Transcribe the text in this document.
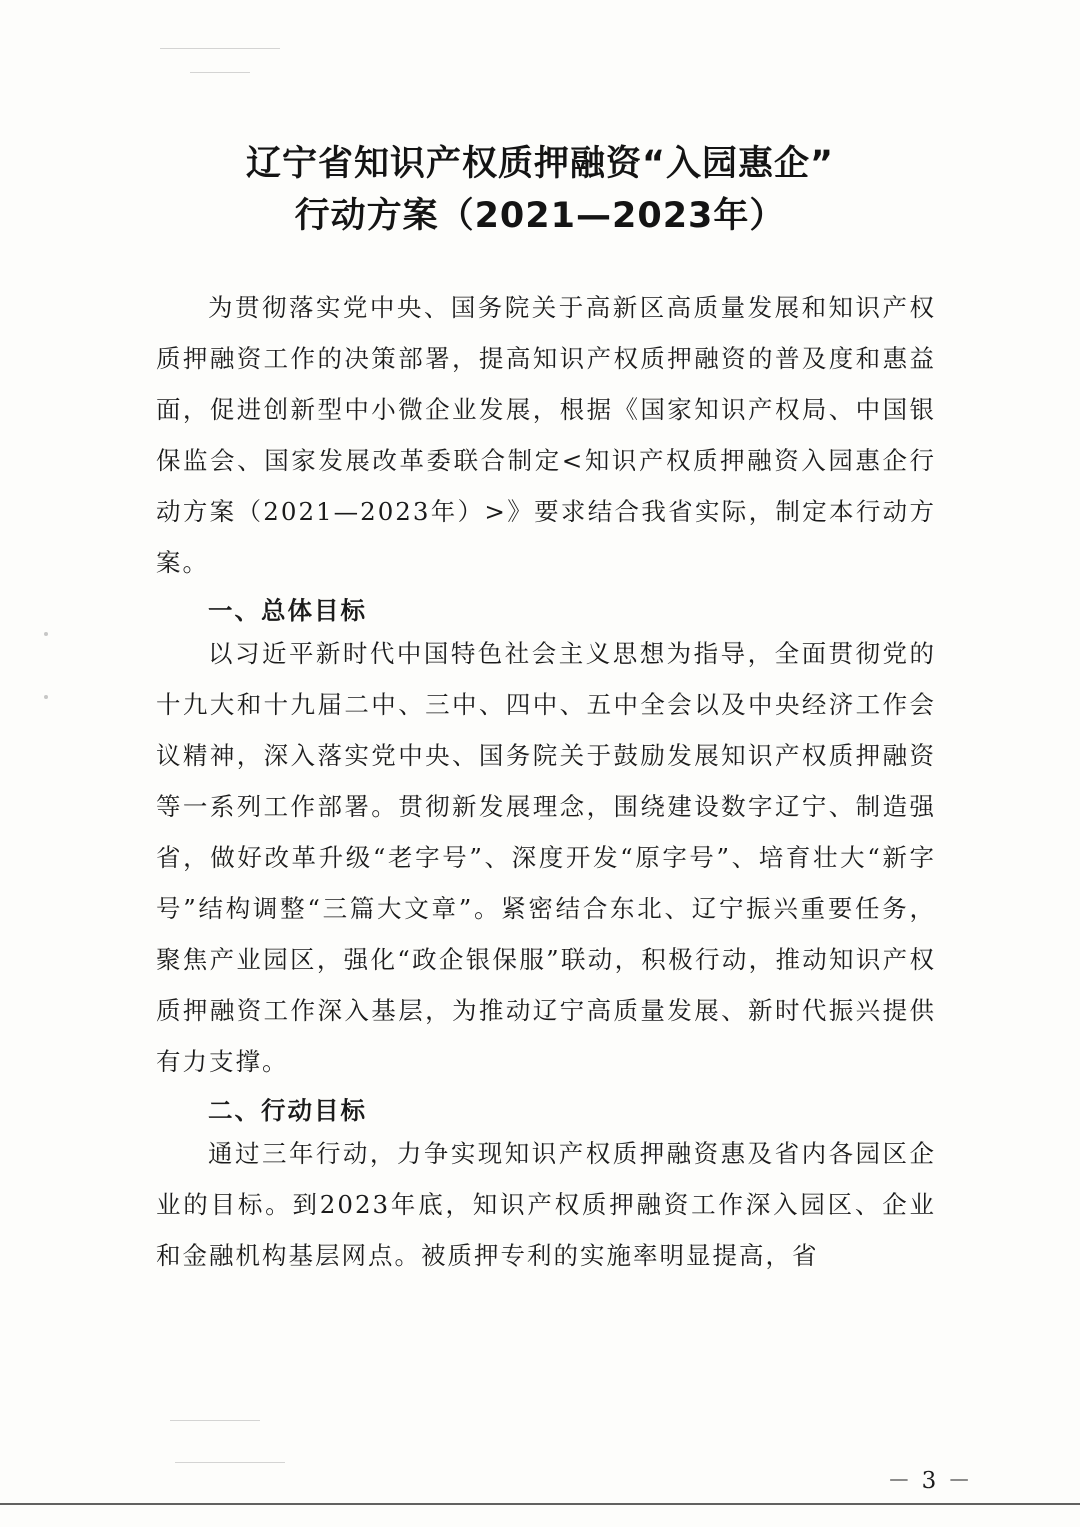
辽宁省知识产权质押融资“入园惠企”
行动方案（2021—2023年）

为贯彻落实党中央、国务院关于高新区高质量发展和知识产权质押融资工作的决策部署，提高知识产权质押融资的普及度和惠益面，促进创新型中小微企业发展，根据《国家知识产权局、中国银保监会、国家发展改革委联合制定<知识产权质押融资入园惠企行动方案（2021—2023年）>》要求结合我省实际，制定本行动方案。

一、总体目标

以习近平新时代中国特色社会主义思想为指导，全面贯彻党的十九大和十九届二中、三中、四中、五中全会以及中央经济工作会议精神，深入落实党中央、国务院关于鼓励发展知识产权质押融资等一系列工作部署。贯彻新发展理念，围绕建设数字辽宁、制造强省，做好改革升级“老字号”、深度开发“原字号”、培育壮大“新字号”结构调整“三篇大文章”。紧密结合东北、辽宁振兴重要任务，聚焦产业园区，强化“政企银保服”联动，积极行动，推动知识产权质押融资工作深入基层，为推动辽宁高质量发展、新时代振兴提供有力支撑。

二、行动目标

通过三年行动，力争实现知识产权质押融资惠及省内各园区企业的目标。到2023年底，知识产权质押融资工作深入园区、企业和金融机构基层网点。被质押专利的实施率明显提高，省

－ 3 －
